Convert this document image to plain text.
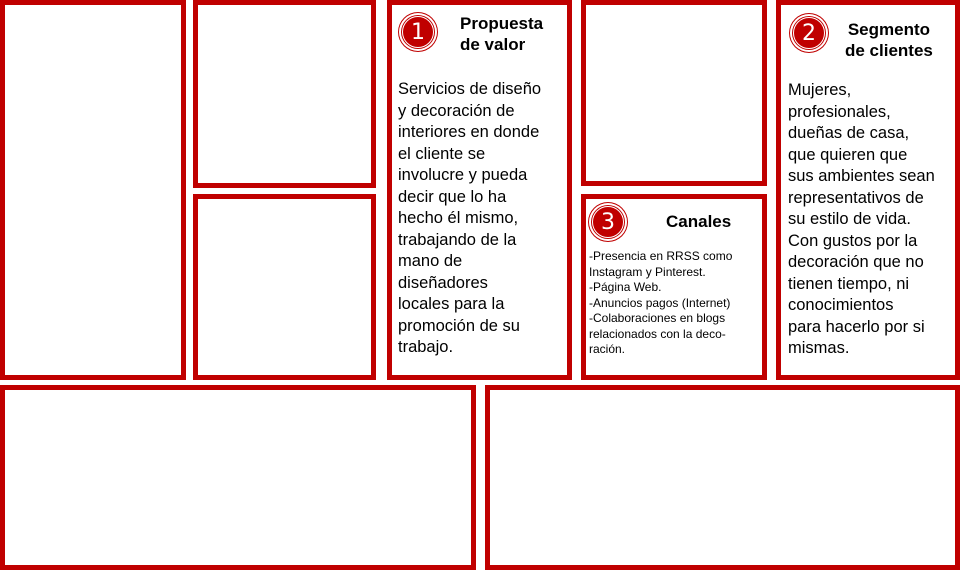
1 Propuesta
de valor
Servicios de diseño
y decoración de
interiores en donde
el cliente se
involucre y pueda
decir que lo ha
hecho él mismo,
trabajando de la
mano de
diseñadores
locales para la
promoción de su
trabajo.
3	Canales
-Presencia en RRSS como
Instagram y Pinterest.
-Página Web.
-Anuncios pagos (Internet)
-Colaboraciones en blogs
relacionados con la deco-
ración.
2 Segmento
de clientes
Mujeres,
profesionales,
dueñas de casa,
que quieren que
sus ambientes sean
representativos de
su estilo de vida.
Con gustos por la
decoración que no
tienen tiempo, ni
conocimientos
para hacerlo por si
mismas.
